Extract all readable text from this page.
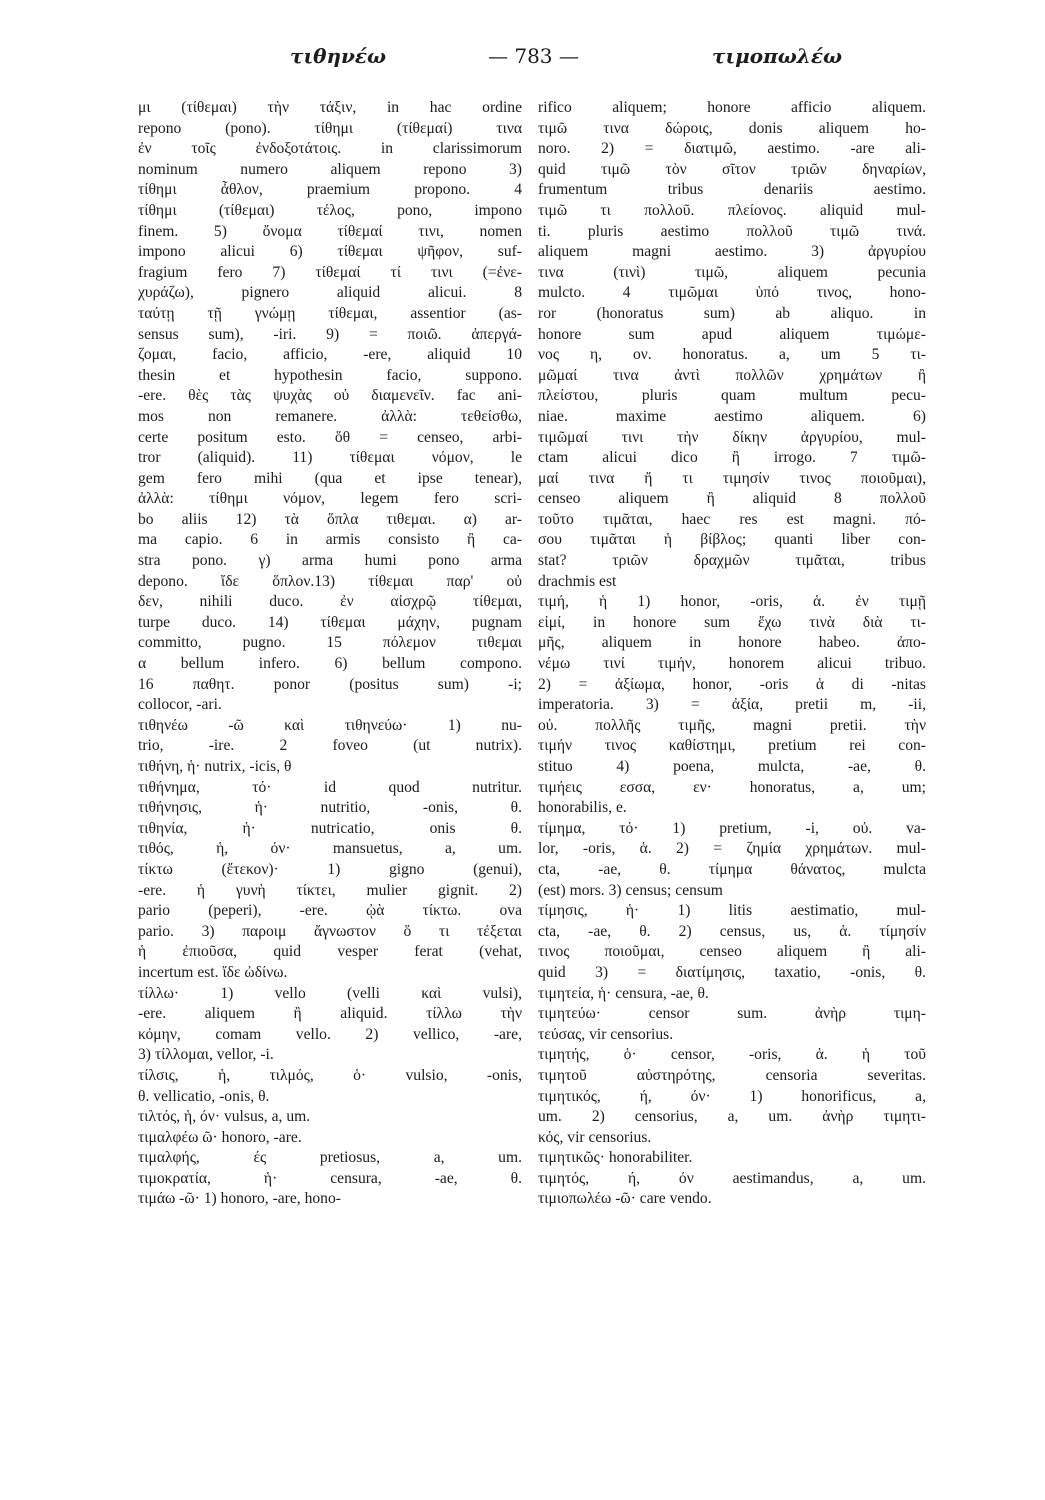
τιθηνέω	— 783 —	τιμοπωλέω
μι (τίθεμαι) τὴν τάξιν, in hac ordine
repono (pono). τίθημι (τίθεμαί) τινα
ἐν τοῖς ἐνδοξοτάτοις. in clarissimorum
nominum numero aliquem repono 3)
τίθημι ἆθλον, praemium propono. 4
τίθημι (τίθεμαι) τέλος, pono, impono
finem. 5) ὄνομα τίθεμαί τινι, nomen
impono alicui 6) τίθεμαι ψῆφον, suf-
fragium fero 7) τίθεμαί τί τινι (=ἐνε-
χυράζω), pignero aliquid alicui. 8
ταύτῃ τῇ γνώμῃ τίθεμαι, assentior (as-
sensus sum), -iri. 9) = ποιῶ. ἀπεργά-
ζομαι, facio, afficio, -ere, aliquid 10
thesin et hypothesin facio, suppono.
-ere. θὲς τὰς ψυχὰς οὐ διαμενεῖν. fac ani-
mos non remanere. ἀλλὰ: τεθείσθω,
certe positum esto. ὅθ = censeo, arbi-
tror (aliquid). 11) τίθεμαι νόμον, le
gem fero mihi (qua et ipse tenear),
ἀλλὰ: τίθημι νόμον, legem fero scri-
bo aliis 12) τὰ ὅπλα τιθεμαι. α) ar-
ma capio. 6 in armis consisto ἢ ca-
stra pono. γ) arma humi pono arma
depono. ἴδε ὅπλον.13) τίθεμαι παρ' οὐ
δεν, nihili duco. ἐν αἰσχρῷ τίθεμαι,
turpe duco. 14) τίθεμαι μάχην, pugnam
committo, pugno. 15 πόλεμον τιθεμαι
α bellum infero. 6) bellum compono.
16 παθητ. ponor (positus sum) -i;
collocor, -ari.
τιθηνέω -ῶ καὶ τιθηνεύω· 1) nu-
trio, -ire. 2 foveo (ut nutrix).
τιθήνη, ἡ· nutrix, -icis, θ
τιθήνημα, τό· id quod nutritur.
τιθήνησις, ἡ· nutritio, -onis, θ.
τιθηνία, ἡ· nutricatio, onis θ.
τιθός, ἡ, όν· mansuetus, a, um.
τίκτω (ἔτεκον)· 1) gigno (genui),
-ere. ἡ γυνὴ τίκτει, mulier gignit. 2)
pario (peperi), -ere. ᾠὰ τίκτω. ova
pario. 3) παροιμ ἄγνωστον ὅ τι τέξεται
ἡ ἐπιοῦσα, quid vesper ferat (vehat,
incertum est. ἴδε ὠδίνω.
τίλλω· 1) vello (velli καὶ vulsi),
-ere. aliquem ἢ aliquid. τίλλω τὴν
κόμην, comam vello. 2) vellico, -are,
3) τίλλομαι, vellor, -i.
τίλσις, ἡ, τιλμός, ὁ· vulsio, -onis,
θ. vellicatio, -onis, θ.
τιλτός, ἡ, όν· vulsus, a, um.
τιμαλφέω ῶ· honoro, -are.
τιμαλφής, ές pretiosus, a, um.
τιμοκρατία, ἡ· censura, -ae, θ.
τιμάω -ῶ· 1) honoro, -are, hono-
rifico aliquem; honore afficio aliquem.
τιμῶ τινα δώροις, donis aliquem ho-
noro. 2) = διατιμῶ, aestimo. -are ali-
quid τιμῶ τὸν σῖτον τριῶν δηναρίων,
frumentum tribus denariis aestimo.
τιμῶ τι πολλοῦ. πλείονος. aliquid mul-
ti. pluris aestimo πολλοῦ τιμῶ τινά.
aliquem magni aestimo. 3) ἀργυρίου
τινα (τινὶ) τιμῶ, aliquem pecunia
mulcto. 4 τιμῶμαι ὑπό τινος, hono-
ror (honoratus sum) ab aliquo. in
honore sum apud aliquem τιμώμε-
νος η, ον. honoratus. a, um 5 τι-
μῶμαί τινα ἀντὶ πολλῶν χρημάτων ἢ
πλείστου, pluris quam multum pecu-
niae. maxime aestimo aliquem. 6)
τιμῶμαί τινι τὴν δίκην ἀργυρίου, mul-
ctam alicui dico ἢ irrogo. 7 τιμῶ-
μαί τινα ἤ τι τιμησίν τινος ποιοῦμαι),
censeo aliquem ἢ aliquid 8 πολλοῦ
τοῦτο τιμᾶται, haec res est magni. πό-
σου τιμᾶται ἡ βίβλος; quanti liber con-
stat? τριῶν δραχμῶν τιμᾶται, tribus
drachmis est
τιμή, ἡ 1) honor, -oris, ἁ. ἐν τιμῇ
εἰμί, in honore sum ἔχω τινὰ διὰ τι-
μῆς, aliquem in honore habeo. ἀπο-
νέμω τινί τιμήν, honorem alicui tribuo.
2) = ἀξίωμα, honor, -oris ἁ di -nitas
imperatoria. 3) = ἀξία, pretii m, -ii,
οὐ. πολλῆς τιμῆς, magni pretii. τὴν
τιμήν τινος καθίστημι, pretium rei con-
stituo 4) poena, mulcta, -ae, θ.
τιμήεις εσσα, εν· honoratus, a, um;
honorabilis, e.
τίμημα, τό· 1) pretium, -i, οὐ. va-
lor, -oris, ἁ. 2) = ζημία χρημάτων. mul-
cta, -ae, θ. τίμημα θάνατος, mulcta
(est) mors. 3) census; censum
τίμησις, ἡ· 1) litis aestimatio, mul-
cta, -ae, θ. 2) census, us, ἁ. τίμησίν
τινος ποιοῦμαι, censeo aliquem ἢ ali-
quid 3) = διατίμησις, taxatio, -onis, θ.
τιμητεία, ἡ· censura, -ae, θ.
τιμητεύω· censor sum. ἀνὴρ τιμη-
τεύσας, vir censorius.
τιμητής, ὁ· censor, -oris, ἁ. ἡ τοῦ
τιμητοῦ αὐστηρότης, censoria severitas.
τιμητικός, ή, όν· 1) honorificus, a,
um. 2) censorius, a, um. ἀνὴρ τιμητι-
κός, vir censorius.
τιμητικῶς· honorabiliter.
τιμητός, ή, όν aestimandus, a, um.
τιμιοπωλέω -ῶ· care vendo.
